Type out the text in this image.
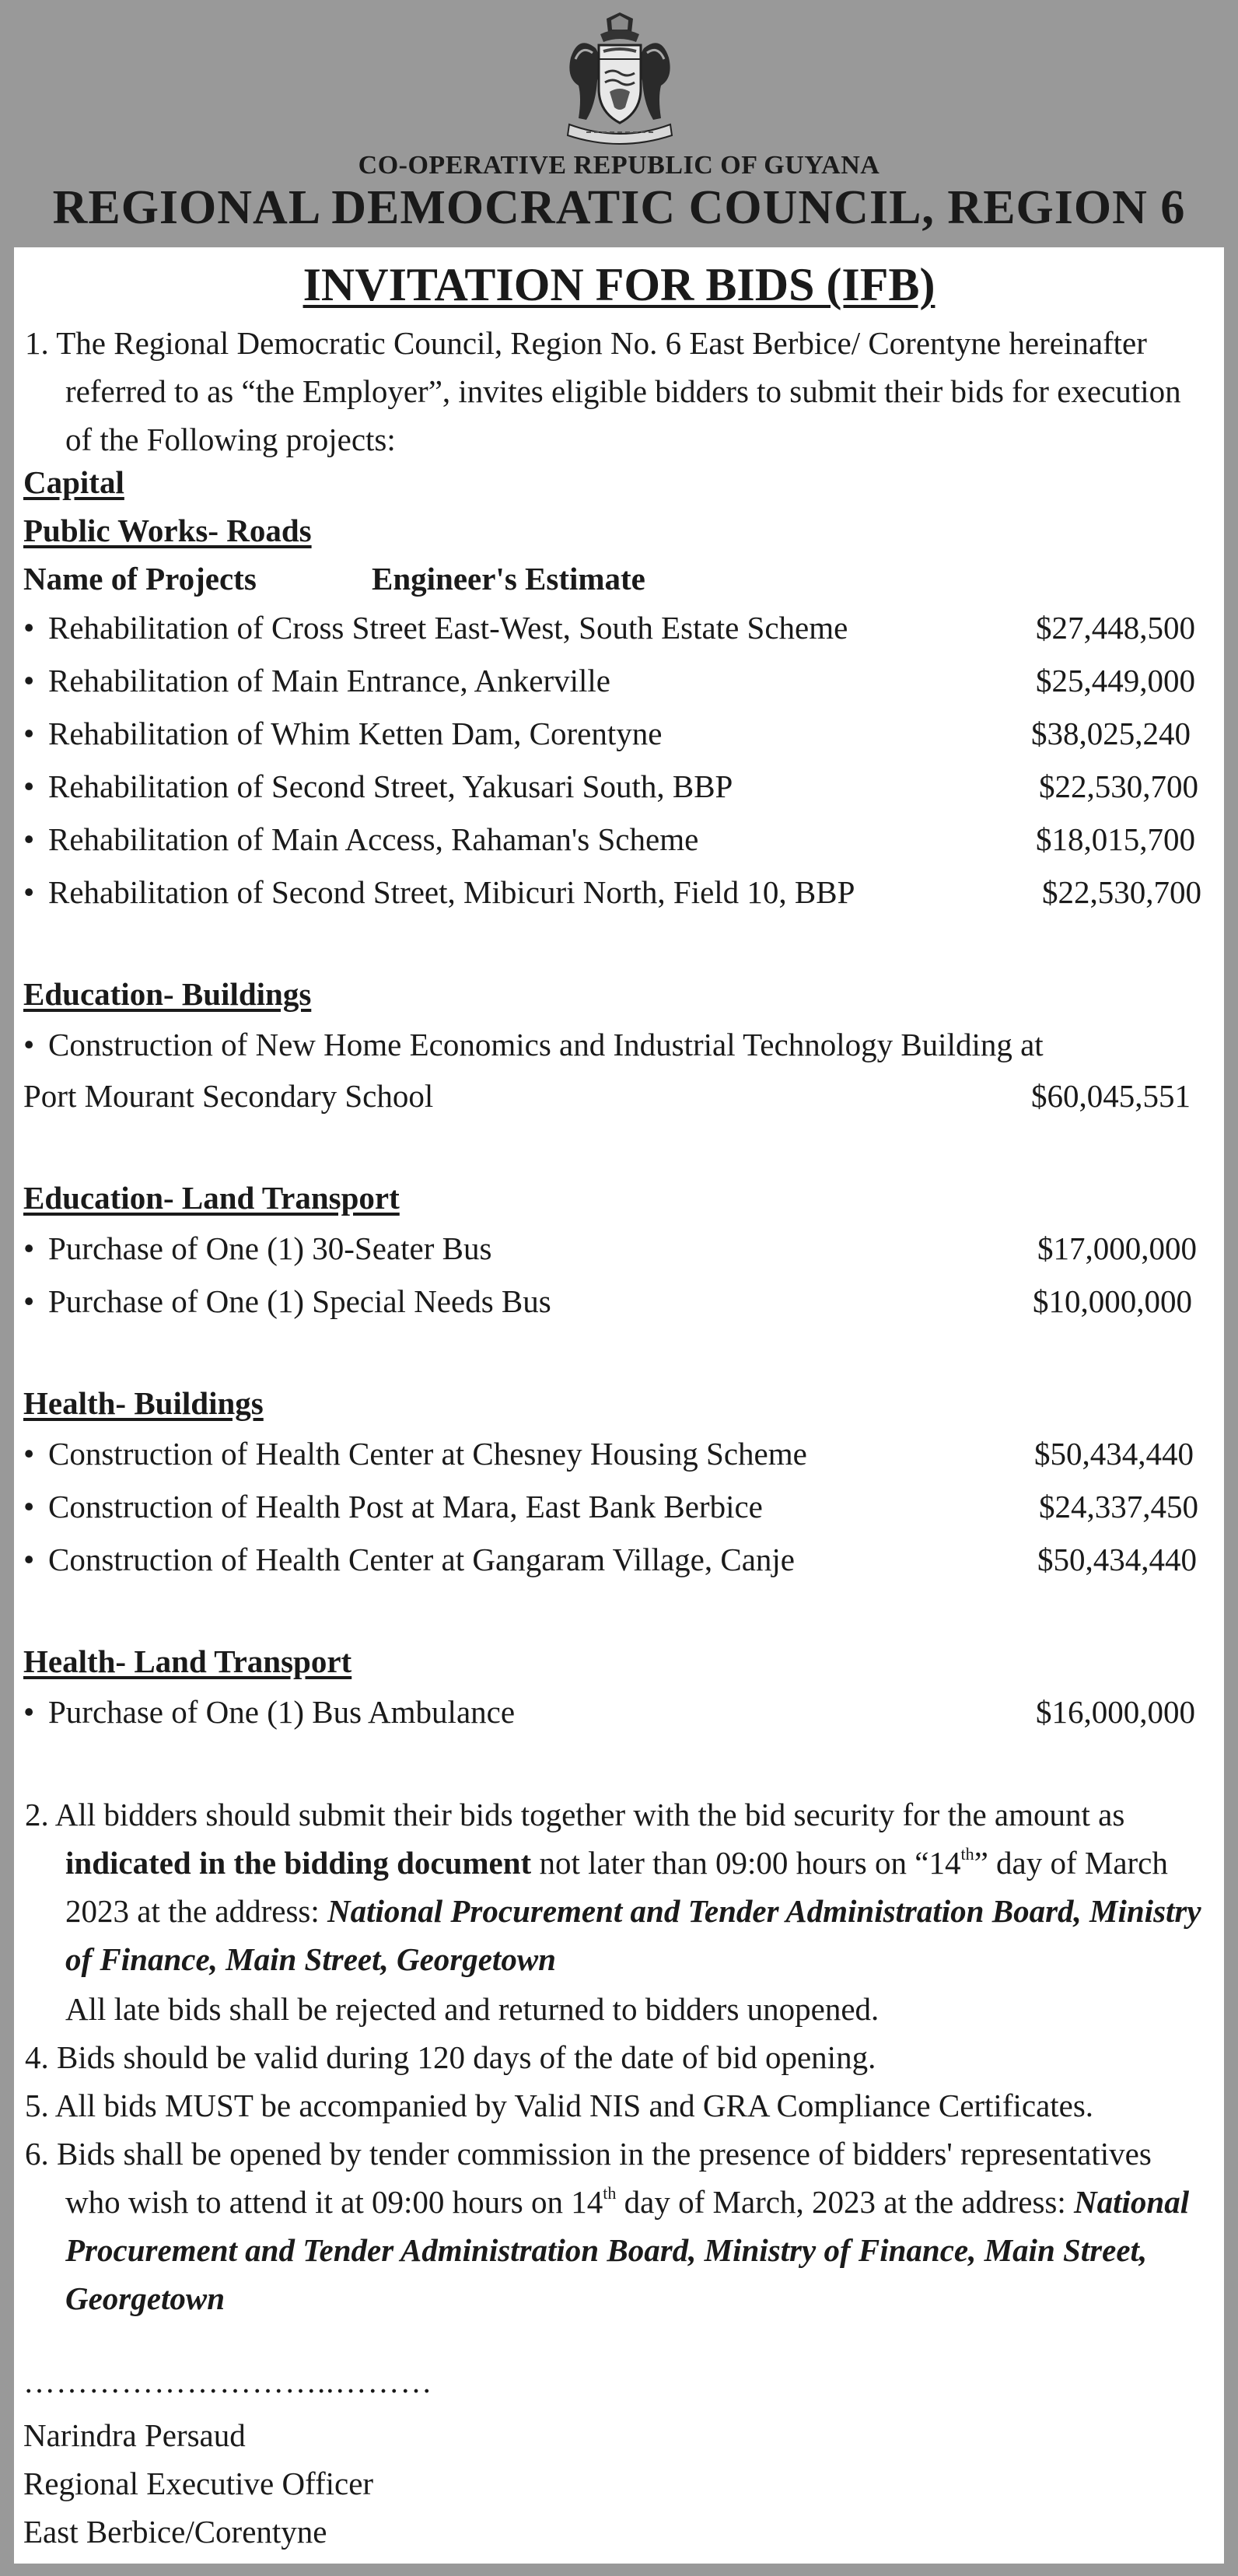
CO-OPERATIVE REPUBLIC OF GUYANA
REGIONAL DEMOCRATIC COUNCIL, REGION 6
INVITATION FOR BIDS (IFB)
1. The Regional Democratic Council, Region No. 6 East Berbice/ Corentyne hereinafter referred to as “the Employer”, invites eligible bidders to submit their bids for execution of the Following projects:
Capital
Public Works- Roads
Name of Projects	Engineer's Estimate
• Rehabilitation of Cross Street East-West, South Estate Scheme	$27,448,500
• Rehabilitation of Main Entrance, Ankerville	$25,449,000
• Rehabilitation of Whim Ketten Dam, Corentyne	$38,025,240
• Rehabilitation of Second Street, Yakusari South, BBP	$22,530,700
• Rehabilitation of Main Access, Rahaman's Scheme	$18,015,700
• Rehabilitation of Second Street, Mibicuri North, Field 10, BBP	$22,530,700
Education- Buildings
• Construction of New Home Economics and Industrial Technology Building at
Port Mourant Secondary School	$60,045,551
Education- Land Transport
• Purchase of One (1) 30-Seater Bus	$17,000,000
• Purchase of One (1) Special Needs Bus	$10,000,000
Health- Buildings
• Construction of Health Center at Chesney Housing Scheme	$50,434,440
• Construction of Health Post at Mara, East Bank Berbice	$24,337,450
• Construction of Health Center at Gangaram Village, Canje	$50,434,440
Health- Land Transport
• Purchase of One (1) Bus Ambulance	$16,000,000
2. All bidders should submit their bids together with the bid security for the amount as indicated in the bidding document not later than 09:00 hours on “14th” day of March 2023 at the address: National Procurement and Tender Administration Board, Ministry of Finance, Main Street, Georgetown
All late bids shall be rejected and returned to bidders unopened.
4. Bids should be valid during 120 days of the date of bid opening.
5. All bids MUST be accompanied by Valid NIS and GRA Compliance Certificates.
6. Bids shall be opened by tender commission in the presence of bidders' representatives who wish to attend it at 09:00 hours on 14th day of March, 2023 at the address: National Procurement and Tender Administration Board, Ministry of Finance, Main Street, Georgetown
………………………..………
Narindra Persaud
Regional Executive Officer
East Berbice/Corentyne
